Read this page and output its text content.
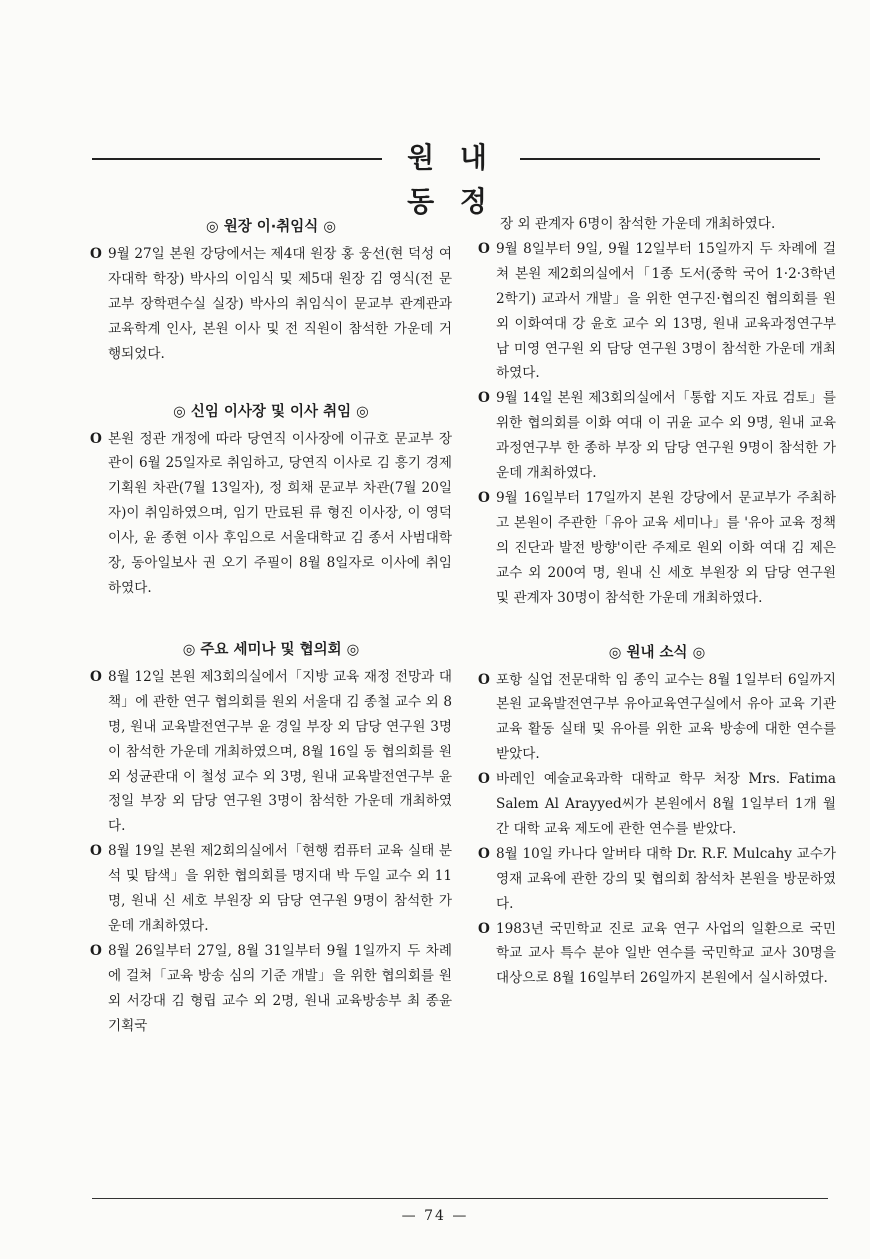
원 내 동 정
◎ 원장 이·취임식 ◎
O 9월 27일 본원 강당에서는 제4대 원장 홍 웅선(현 덕성 여자대학 학장) 박사의 이임식 및 제5대 원장 김 영식(전 문교부 장학편수실 실장) 박사의 취임식이 문교부 관계관과 교육학계 인사, 본원 이사 및 전 직원이 참석한 가운데 거행되었다.
◎ 신임 이사장 및 이사 취임 ◎
O 본원 정관 개정에 따라 당연직 이사장에 이규호 문교부 장관이 6월 25일자로 취임하고, 당연직 이사로 김 흥기 경제기획원 차관(7월 13일자), 정 희채 문교부 차관(7월 20일자)이 취임하였으며, 임기 만료된 류 형진 이사장, 이 영덕 이사, 윤 종현 이사 후임으로 서울대학교 김 종서 사범대학장, 동아일보사 권 오기 주필이 8월 8일자로 이사에 취임하였다.
◎ 주요 세미나 및 협의회 ◎
O 8월 12일 본원 제3회의실에서「지방 교육 재정 전망과 대책」에 관한 연구 협의회를 원외 서울대 김 종철 교수 외 8명, 원내 교육발전연구부 윤 경일 부장 외 담당 연구원 3명이 참석한 가운데 개최하였으며, 8월 16일 동 협의회를 원외 성균관대 이 철성 교수 외 3명, 원내 교육발전연구부 윤 정일 부장 외 담당 연구원 3명이 참석한 가운데 개최하였다.
O 8월 19일 본원 제2회의실에서「현행 컴퓨터 교육 실태 분석 및 탐색」을 위한 협의회를 명지대 박 두일 교수 외 11명, 원내 신 세호 부원장 외 담당 연구원 9명이 참석한 가운데 개최하였다.
O 8월 26일부터 27일, 8월 31일부터 9월 1일까지 두 차례에 걸쳐「교육 방송 심의 기준 개발」을 위한 협의회를 원외 서강대 김 형립 교수 외 2명, 원내 교육방송부 최 종윤 기획국
장 외 관계자 6명이 참석한 가운데 개최하였다.
O 9월 8일부터 9일, 9월 12일부터 15일까지 두 차례에 걸쳐 본원 제2회의실에서「1종 도서(중학 국어 1·2·3학년 2학기) 교과서 개발」을 위한 연구진·협의진 협의회를 원외 이화여대 강 윤호 교수 외 13명, 원내 교육과정연구부 남 미영 연구원 외 담당 연구원 3명이 참석한 가운데 개최하였다.
O 9월 14일 본원 제3회의실에서「통합 지도 자료 검토」를 위한 협의회를 이화 여대 이 귀윤 교수 외 9명, 원내 교육과정연구부 한 종하 부장 외 담당 연구원 9명이 참석한 가운데 개최하였다.
O 9월 16일부터 17일까지 본원 강당에서 문교부가 주최하고 본원이 주관한「유아 교육 세미나」를 '유아 교육 정책의 진단과 발전 방향'이란 주제로 원외 이화 여대 김 제은 교수 외 200여 명, 원내 신 세호 부원장 외 담당 연구원 및 관계자 30명이 참석한 가운데 개최하였다.
◎ 원내 소식 ◎
O 포항 실업 전문대학 임 종익 교수는 8월 1일부터 6일까지 본원 교육발전연구부 유아교육연구실에서 유아 교육 기관 교육 활동 실태 및 유아를 위한 교육 방송에 대한 연수를 받았다.
O 바레인 예술교육과학 대학교 학무 처장 Mrs. Fatima Salem Al Arayyed씨가 본원에서 8월 1일부터 1개 월간 대학 교육 제도에 관한 연수를 받았다.
O 8월 10일 카나다 알버타 대학 Dr. R.F. Mulcahy 교수가 영재 교육에 관한 강의 및 협의회 참석차 본원을 방문하였다.
O 1983년 국민학교 진로 교육 연구 사업의 일환으로 국민학교 교사 특수 분야 일반 연수를 국민학교 교사 30명을 대상으로 8월 16일부터 26일까지 본원에서 실시하였다.
— 74 —
